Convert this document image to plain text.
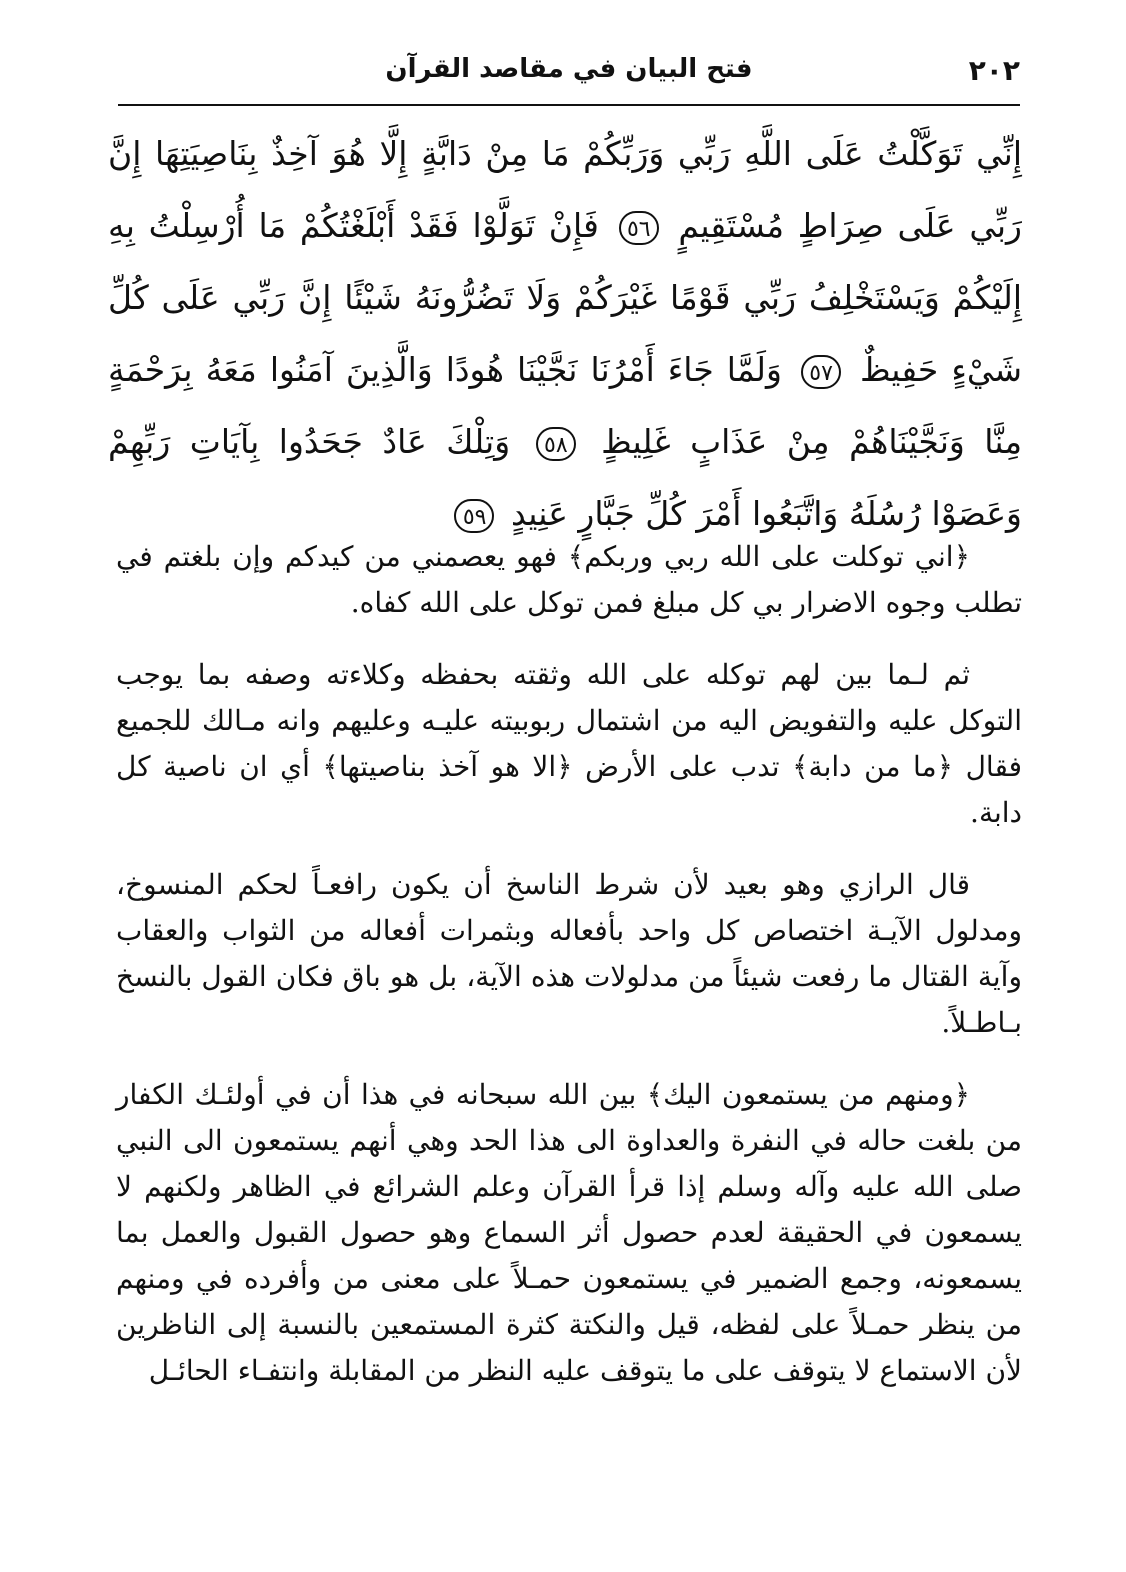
٢٠٢
فتح البيان في مقاصد القرآن
إِنِّي تَوَكَّلْتُ عَلَى اللَّهِ رَبِّي وَرَبِّكُمْ مَا مِنْ دَابَّةٍ إِلَّا هُوَ آخِذٌ بِنَاصِيَتِهَا إِنَّ رَبِّي عَلَى صِرَاطٍ مُسْتَقِيمٍ ٥٦ فَإِنْ تَوَلَّوْا فَقَدْ أَبْلَغْتُكُمْ مَا أُرْسِلْتُ بِهِ إِلَيْكُمْ وَيَسْتَخْلِفُ رَبِّي قَوْمًا غَيْرَكُمْ وَلَا تَضُرُّونَهُ شَيْئًا إِنَّ رَبِّي عَلَى كُلِّ شَيْءٍ حَفِيظٌ ٥٧ وَلَمَّا جَاءَ أَمْرُنَا نَجَّيْنَا هُودًا وَالَّذِينَ آمَنُوا مَعَهُ بِرَحْمَةٍ مِنَّا وَنَجَّيْنَاهُمْ مِنْ عَذَابٍ غَلِيظٍ ٥٨ وَتِلْكَ عَادٌ جَحَدُوا بِآيَاتِ رَبِّهِمْ وَعَصَوْا رُسُلَهُ وَاتَّبَعُوا أَمْرَ كُلِّ جَبَّارٍ عَنِيدٍ ٥٩

﴿اني توكلت على الله ربي وربكم﴾ فهو يعصمني من كيدكم وإن بلغتم في تطلب وجوه الاضرار بي كل مبلغ فمن توكل على الله كفاه.

ثم لـما بين لهم توكله على الله وثقته بحفظه وكلاءته وصفه بما يوجب التوكل عليه والتفويض اليه من اشتمال ربوبيته عليـه وعليهم وانه مـالك للجميع فقال ﴿ما من دابة﴾ تدب على الأرض ﴿الا هو آخذ بناصيتها﴾ أي ان ناصية كل دابة.

قال الرازي وهو بعيد لأن شرط الناسخ أن يكون رافعـاً لحكم المنسوخ، ومدلول الآيـة اختصاص كل واحد بأفعاله وبثمرات أفعاله من الثواب والعقاب وآية القتال ما رفعت شيئاً من مدلولات هذه الآية، بل هو باق فكان القول بالنسخ بـاطـلاً.

﴿ومنهم من يستمعون اليك﴾ بين الله سبحانه في هذا أن في أولئـك الكفار من بلغت حاله في النفرة والعداوة الى هذا الحد وهي أنهم يستمعون الى النبي صلى الله عليه وآله وسلم إذا قرأ القرآن وعلم الشرائع في الظاهر ولكنهم لا يسمعون في الحقيقة لعدم حصول أثر السماع وهو حصول القبول والعمل بما يسمعونه، وجمع الضمير في يستمعون حمـلاً على معنى من وأفرده في ومنهم من ينظر حمـلاً على لفظه، قيل والنكتة كثرة المستمعين بالنسبة إلى الناظرين لأن الاستماع لا يتوقف على ما يتوقف عليه النظر من المقابلة وانتفـاء الحائـل
